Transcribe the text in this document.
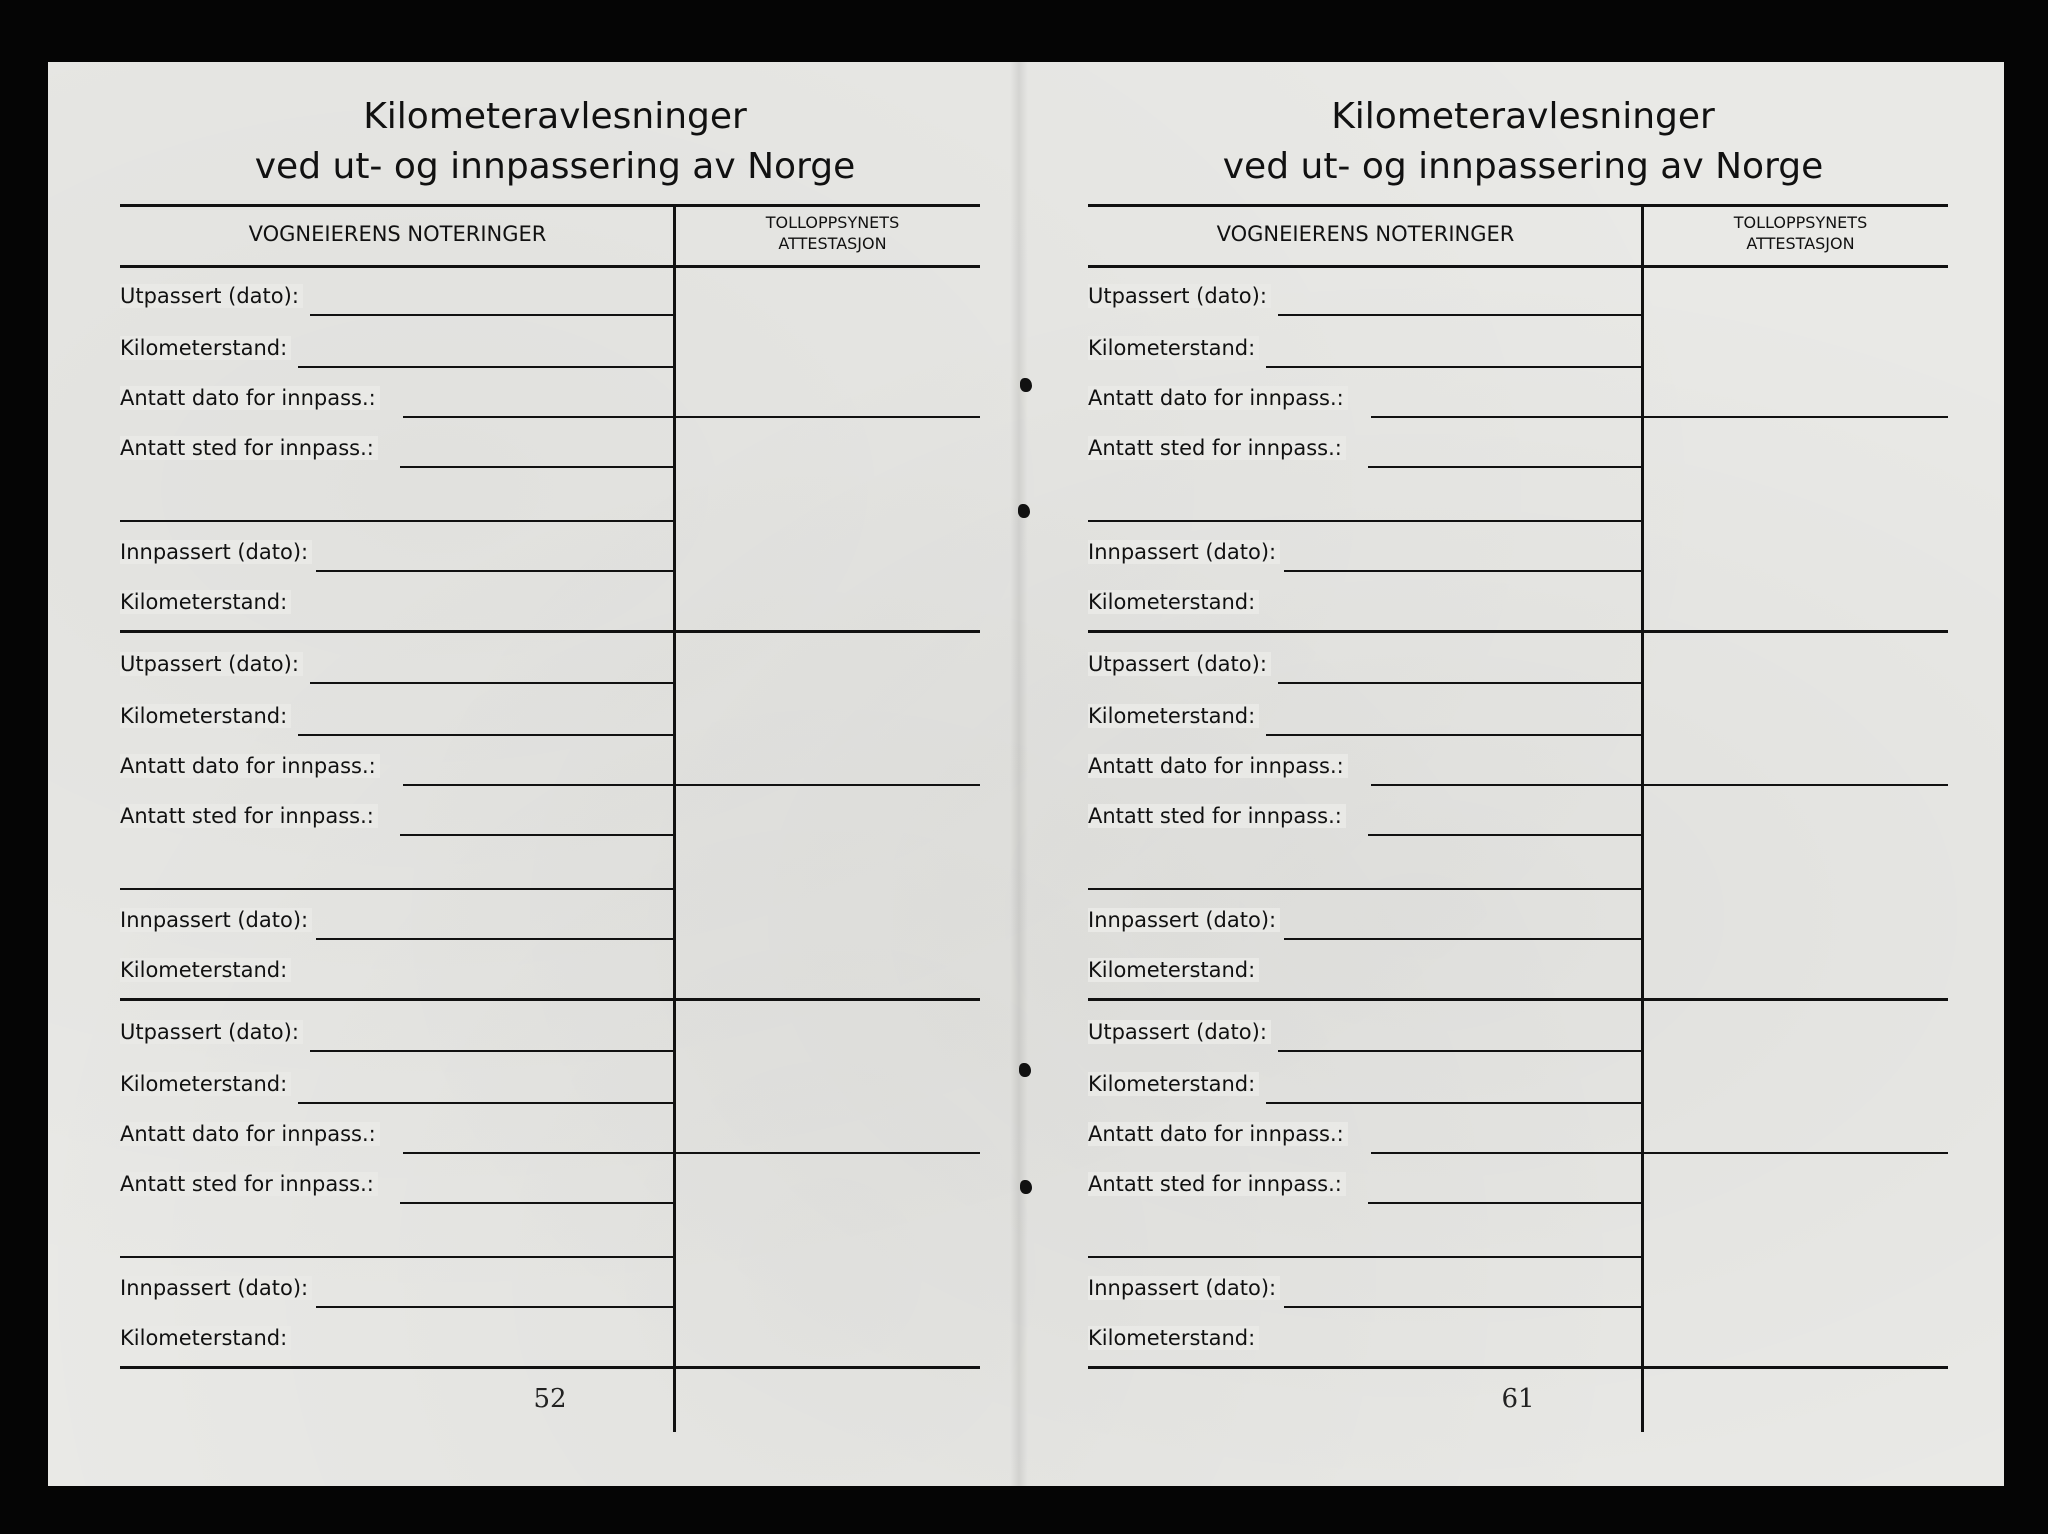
Kilometeravlesninger
ved ut- og innpassering av Norge
VOGNEIERENS NOTERINGER	TOLLOPPSYNETS
ATTESTASJON
Utpassert (dato):
Kilometerstand:
Antatt dato for innpass.:
Antatt sted for innpass.:
Innpassert (dato):
Kilometerstand:
Utpassert (dato):
Kilometerstand:
Antatt dato for innpass.:
Antatt sted for innpass.:
Innpassert (dato):
Kilometerstand:
Utpassert (dato):
Kilometerstand:
Antatt dato for innpass.:
Antatt sted for innpass.:
Innpassert (dato):
Kilometerstand:
52
Kilometeravlesninger
ved ut- og innpassering av Norge
VOGNEIERENS NOTERINGER	TOLLOPPSYNETS
ATTESTASJON
Utpassert (dato):
Kilometerstand:
Antatt dato for innpass.:
Antatt sted for innpass.:
Innpassert (dato):
Kilometerstand:
Utpassert (dato):
Kilometerstand:
Antatt dato for innpass.:
Antatt sted for innpass.:
Innpassert (dato):
Kilometerstand:
Utpassert (dato):
Kilometerstand:
Antatt dato for innpass.:
Antatt sted for innpass.:
Innpassert (dato):
Kilometerstand:
61
